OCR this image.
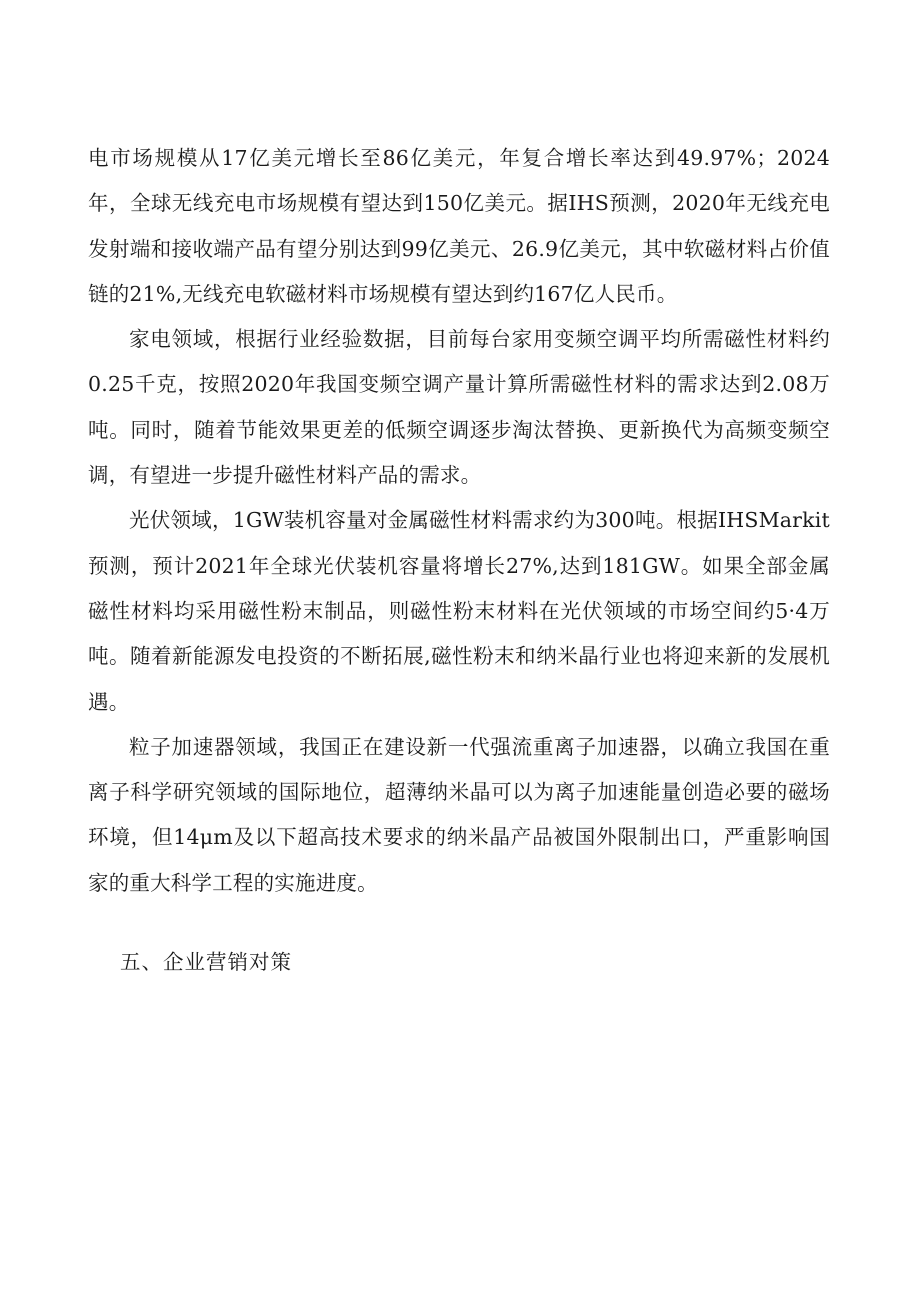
电市场规模从17亿美元增长至86亿美元，年复合增长率达到49.97%；2024年，全球无线充电市场规模有望达到150亿美元。据IHS预测，2020年无线充电发射端和接收端产品有望分别达到99亿美元、26.9亿美元，其中软磁材料占价值链的21%,无线充电软磁材料市场规模有望达到约167亿人民币。

家电领域，根据行业经验数据，目前每台家用变频空调平均所需磁性材料约0.25千克，按照2020年我国变频空调产量计算所需磁性材料的需求达到2.08万吨。同时，随着节能效果更差的低频空调逐步淘汰替换、更新换代为高频变频空调，有望进一步提升磁性材料产品的需求。

光伏领域，1GW装机容量对金属磁性材料需求约为300吨。根据IHSMarkit预测，预计2021年全球光伏装机容量将增长27%,达到181GW。如果全部金属磁性材料均采用磁性粉末制品，则磁性粉末材料在光伏领域的市场空间约5·4万吨。随着新能源发电投资的不断拓展,磁性粉末和纳米晶行业也将迎来新的发展机遇。

粒子加速器领域，我国正在建设新一代强流重离子加速器，以确立我国在重离子科学研究领域的国际地位，超薄纳米晶可以为离子加速能量创造必要的磁场环境，但14μm及以下超高技术要求的纳米晶产品被国外限制出口，严重影响国家的重大科学工程的实施进度。

五、企业营销对策
